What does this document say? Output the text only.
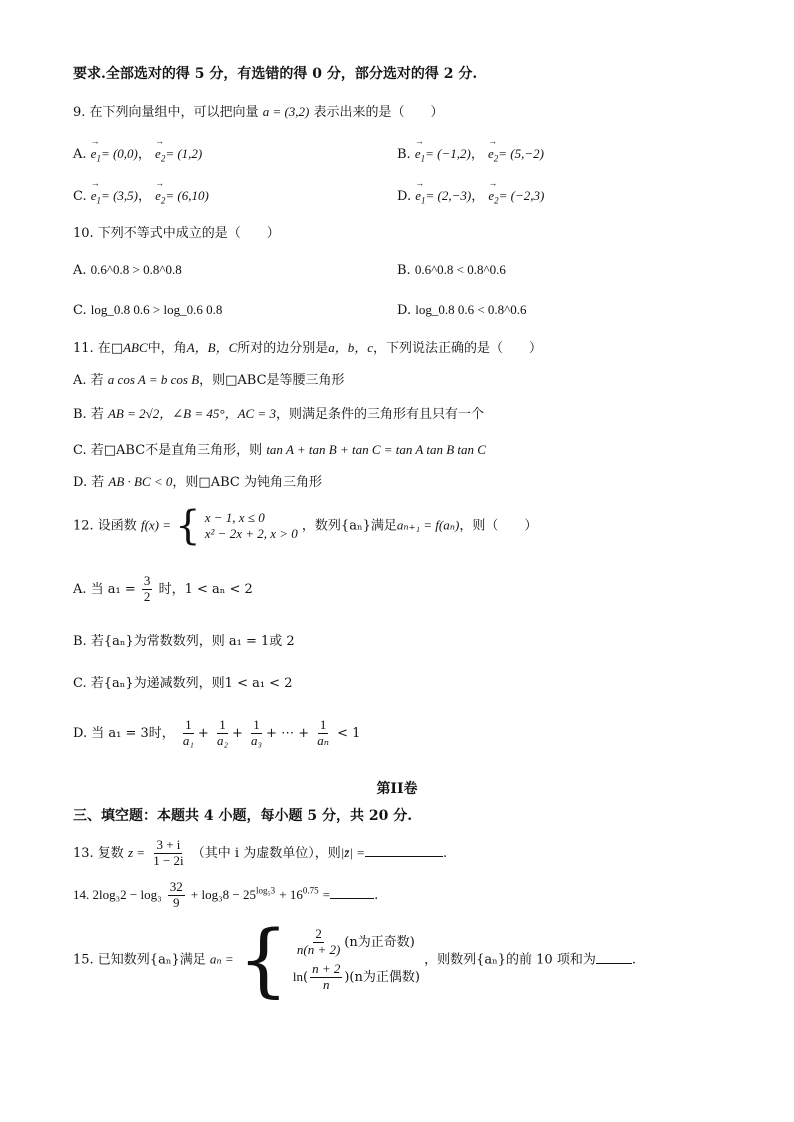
要求.全部选对的得 5 分，有选错的得 0 分，部分选对的得 2 分.
9. 在下列向量组中，可以把向量 a = (3,2) 表示出来的是（　　）
A. → $e_1= (0,0)$， → $e_2= (1,2)$	B. → $e_1= (-1,2)$， → $e_2= (5,-2)$
C. → $e_1= (3,5)$， → $e_2= (6,10)$	D. → $e_1= (2,-3)$， → $e_2= (-2,3)$
10. 下列不等式中成立的是（　　）
A. 0.6^0.8 > 0.8^0.8	B. 0.6^0.8 < 0.8^0.6
C. log_0.8 0.6 > log_0.6 0.8	D. log_0.8 0.6 < 0.8^0.6
11. 在□ABC中，角A，B，C所对的边分别是a，b，c，下列说法正确的是（　　）
A. 若 a cos A = b cos B，则□ABC是等腰三角形
B. 若 AB = 2√2，∠B = 45°，AC = 3，则满足条件的三角形有且只有一个
C. 若□ABC不是直角三角形，则 tan A + tan B + tan C = tan A tan B tan C
D. 若 AB · BC < 0，则□ABC 为钝角三角形
12. 设函数 f(x) = { x − 1, x ≤ 0
x² − 2x + 2, x > 0 ，数列{aₙ}满足aₙ₊₁ = f(aₙ)，则（　　）
A. 当 $a_1 = \frac{3}{2}$ 时，1 < aₙ < 2
B. 若{aₙ}为常数数列，则 a₁ = 1或 2
C. 若{aₙ}为递减数列，则1 < a₁ < 2
D. 当 a₁ = 3时， $\frac{1}{\text{a₁}} + \frac{1}{\text{a₂}} + \frac{1}{\text{a₃}}$ + ⋯ + $\frac{1}{\text{aₙ}} < 1$
第II卷
三、填空题：本题共 4 小题，每小题 5 分，共 20 分.
13. 复数 $z = \frac{3 + i}{1 - 2i}$ （其中 i 为虚数单位），则|z̄| =	.
14. $2\log_32 - \log_3 \frac{32}{9} + \log_38 - 25^{log_53} + 16^{0.75}$ =	.
15. 已知数列{aₙ}满足 aₙ = { $\frac{2}{n(n + 2)} (n$为正奇数)
$\ln( \frac{n + 2}{n} )(n$为正偶数)
，则数列{aₙ}的前 10 项和为	.
